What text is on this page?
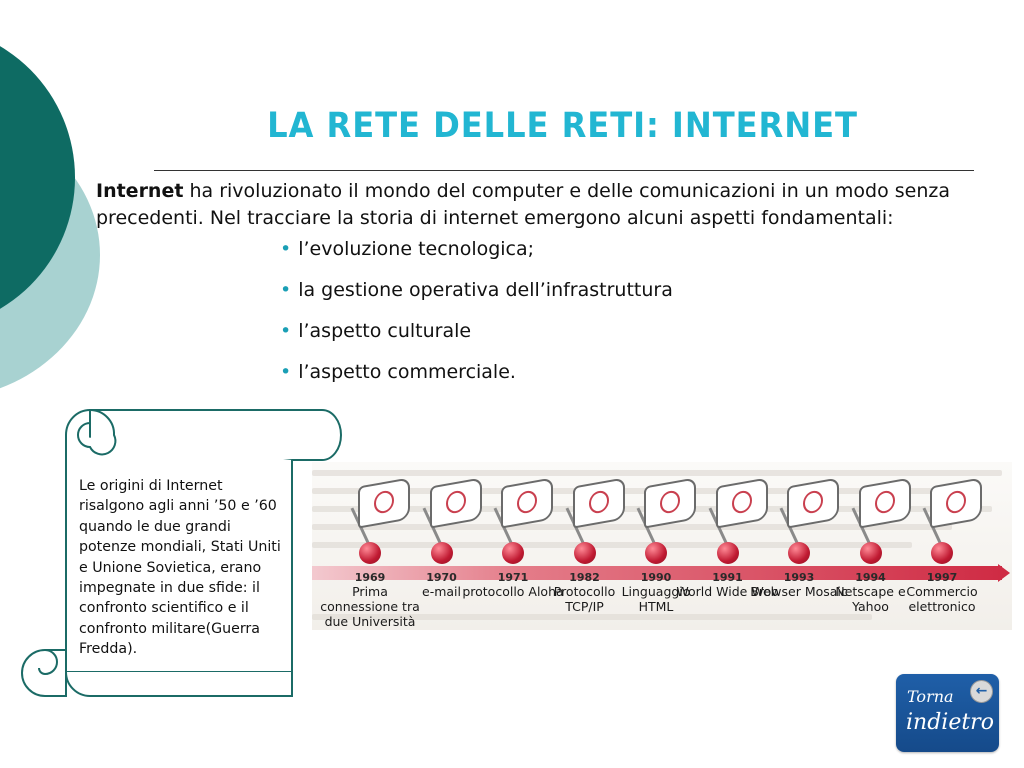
LA RETE DELLE RETI: INTERNET
Internet ha rivoluzionato il mondo del computer e delle comunicazioni in un modo senza precedenti. Nel tracciare la storia di internet emergono alcuni aspetti fondamentali:
• l’evoluzione tecnologica;
• la gestione operativa dell’infrastruttura
• l’aspetto culturale
• l’aspetto commerciale.
Le origini di Internet risalgono agli anni ’50 e ’60 quando le due grandi potenze mondiali, Stati Uniti e Unione Sovietica, erano impegnate in due sfide: il confronto scientifico e il confronto militare(Guerra Fredda).
1969
Prima connessione tra due Università
1970
e-mail
1971
protocollo Aloha
1982
Protocollo TCP/IP
1990
Linguaggio HTML
1991
World Wide Web
1993
Browser Mosaic
1994
Netscape e Yahoo
1997
Commercio elettronico
Torna
indietro
←
